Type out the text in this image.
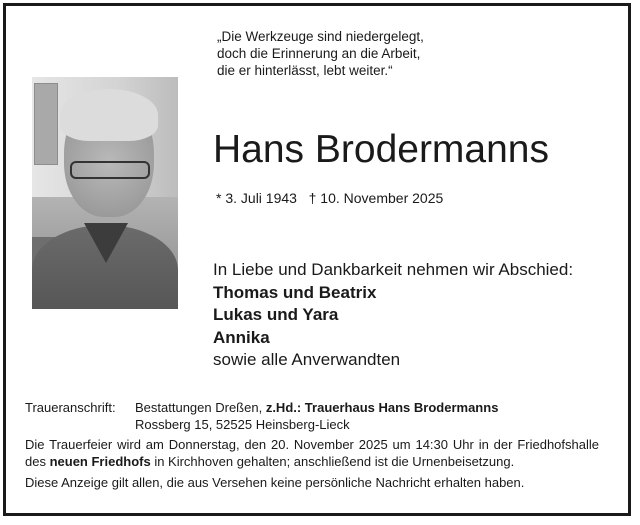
„Die Werkzeuge sind niedergelegt,
doch die Erinnerung an die Arbeit,
die er hinterlässt, lebt weiter.“
Hans Brodermanns
* 3. Juli 1943 † 10. November 2025
In Liebe und Dankbarkeit nehmen wir Abschied:
Thomas und Beatrix
Lukas und Yara
Annika
sowie alle Anverwandten
Traueranschrift:	Bestattungen Dreßen, z.Hd.: Trauerhaus Hans Brodermanns
Rossberg 15, 52525 Heinsberg-Lieck
Die Trauerfeier wird am Donnerstag, den 20. November 2025 um 14:30 Uhr in der Friedhofshalle des neuen Friedhofs in Kirchhoven gehalten; anschließend ist die Urnenbeisetzung.
Diese Anzeige gilt allen, die aus Versehen keine persönliche Nachricht erhalten haben.
